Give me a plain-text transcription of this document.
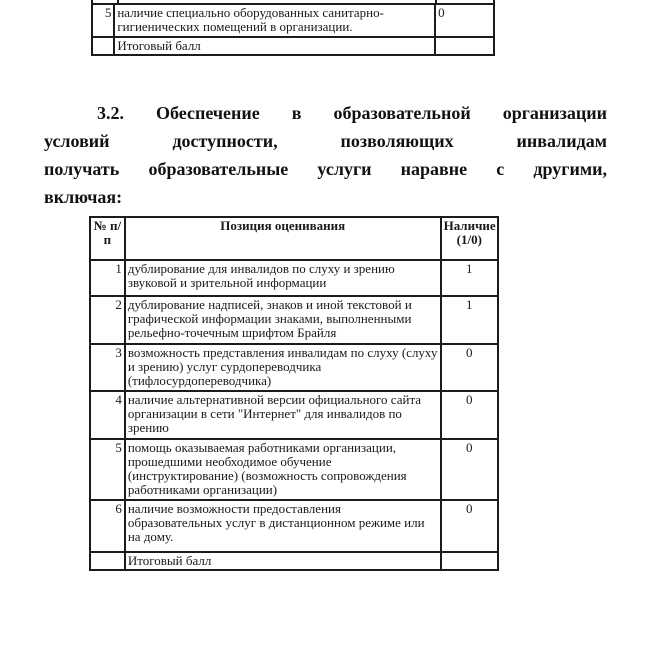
5	наличие специально оборудованных санитарно-гигиенических помещений в организации.	0
	Итоговый балл	
3.2. Обеспечение в образовательной организации
условий доступности, позволяющих инвалидам
получать образовательные услуги наравне с другими,
включая:
№ п/п	Позиция оценивания	Наличие
(1/0)

1	дублирование для инвалидов по слуху и зрению звуковой и зрительной информации	1
2	дублирование надписей, знаков и иной текстовой и графической информации знаками, выполненными рельефно-точечным шрифтом Брайля	1
3	возможность представления инвалидам по слуху (слуху и зрению) услуг сурдопереводчика (тифлосурдопереводчика)	0
4	наличие альтернативной версии официального сайта организации в сети "Интернет" для инвалидов по зрению	0
5	помощь оказываемая работниками организации, прошедшими необходимое обучение (инструктирование) (возможность сопровождения работниками организации)	0
6	наличие возможности предоставления образовательных услуг в дистанционном режиме или на дому.	0
	Итоговый балл	
